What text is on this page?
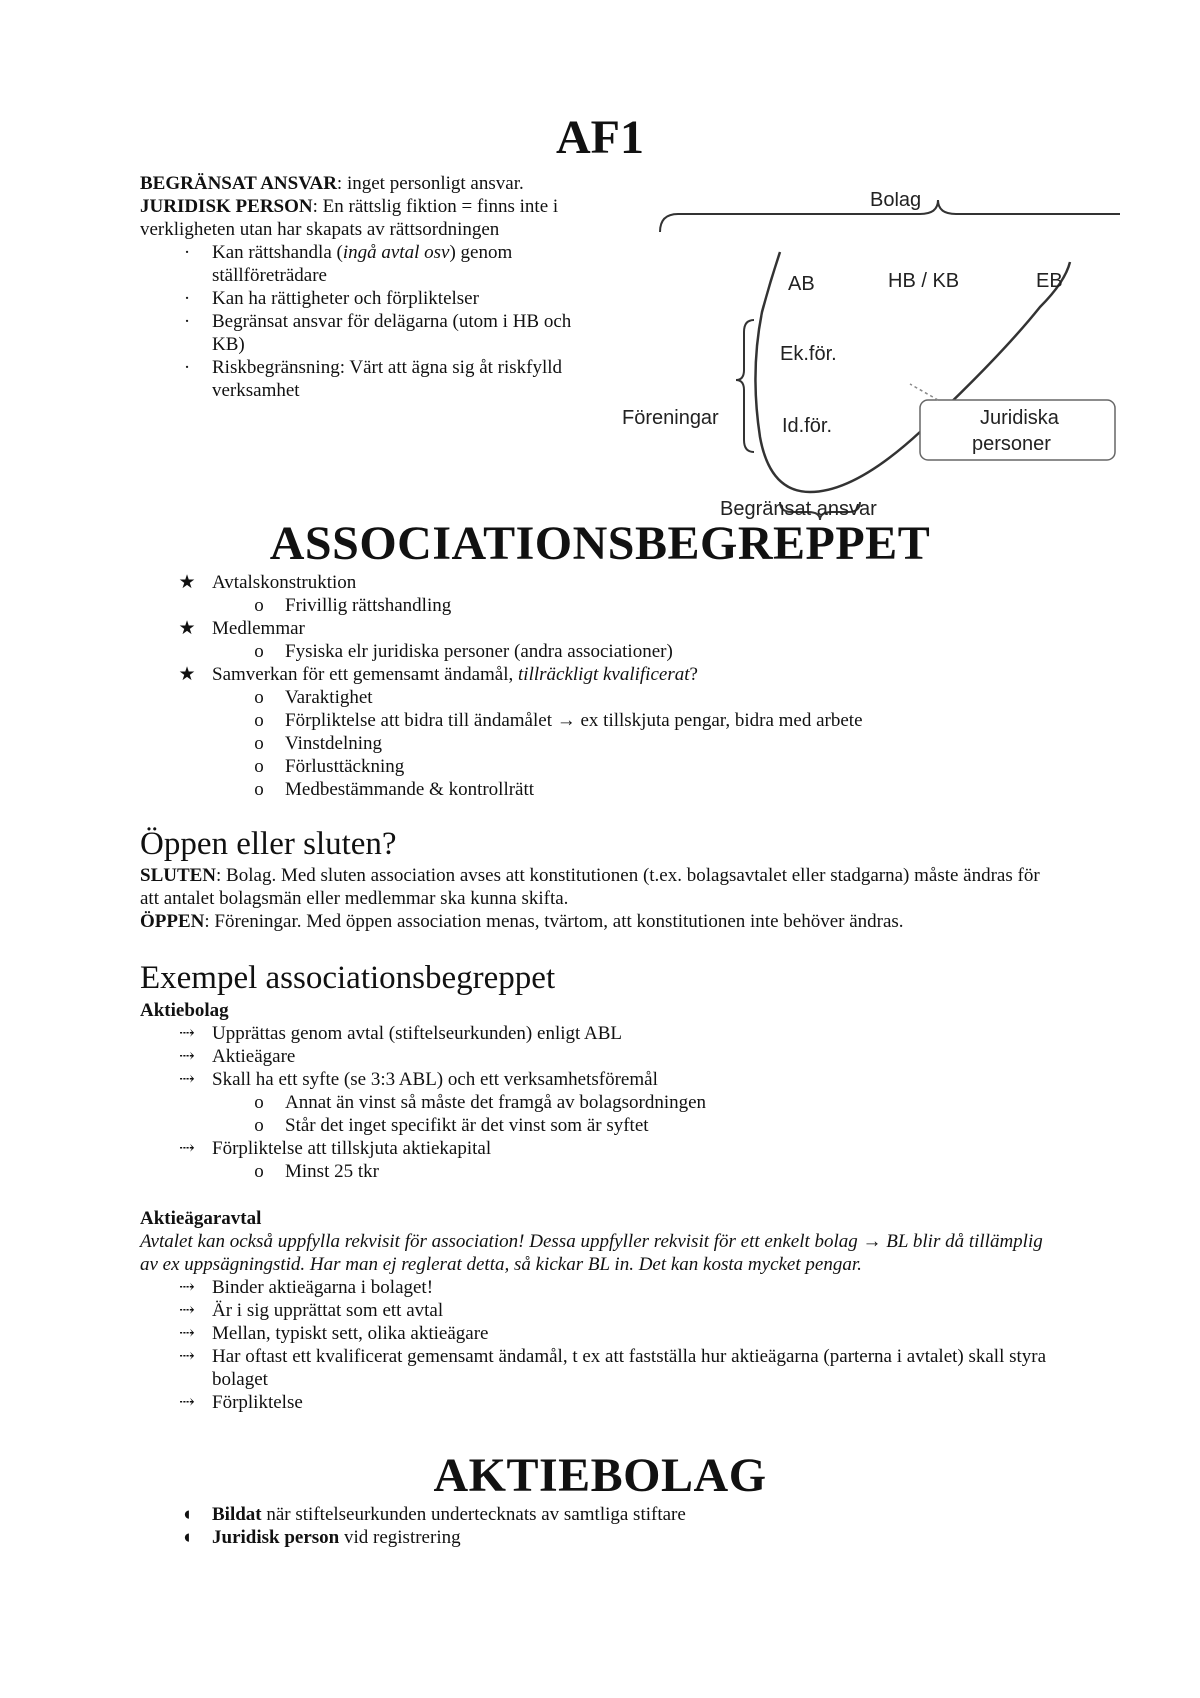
AF1

BEGRÄNSAT ANSVAR: inget personligt ansvar.

JURIDISK PERSON: En rättslig fiktion = finns inte i verkligheten utan har skapats av rättsordningen

·	Kan rättshandla (ingå avtal osv) genom ställföreträdare
·	Kan ha rättigheter och förpliktelser
·	Begränsat ansvar för delägarna (utom i HB och KB)
·	Riskbegränsning: Värt att ägna sig åt riskfylld verksamhet
Bolag
AB	HB / KB	EB
Ek.för.
Id.för.
Föreningar	Juridiska
personer
Begränsat ansvar
ASSOCIATIONSBEGREPPET
★ Avtalskonstruktion
o	Frivillig rättshandling
★ Medlemmar
o	Fysiska elr juridiska personer (andra associationer)
★ Samverkan för ett gemensamt ändamål, tillräckligt kvalificerat?
o	Varaktighet
o	Förpliktelse att bidra till ändamålet → ex tillskjuta pengar, bidra med arbete
o	Vinstdelning
o	Förlusttäckning
o	Medbestämmande & kontrollrätt
Öppen eller sluten?

SLUTEN: Bolag. Med sluten association avses att konstitutionen (t.ex. bolagsavtalet eller stadgarna) måste ändras för att antalet bolagsmän eller medlemmar ska kunna skifta.

ÖPPEN: Föreningar. Med öppen association menas, tvärtom, att konstitutionen inte behöver ändras.

Exempel associationsbegreppet

Aktiebolag

⇢ Upprättas genom avtal (stiftelseurkunden) enligt ABL
⇢ Aktieägare
⇢ Skall ha ett syfte (se 3:3 ABL) och ett verksamhetsföremål
o	Annat än vinst så måste det framgå av bolagsordningen
o	Står det inget specifikt är det vinst som är syftet
⇢ Förpliktelse att tillskjuta aktiekapital
o	Minst 25 tkr

Aktieägaravtal

Avtalet kan också uppfylla rekvisit för association! Dessa uppfyller rekvisit för ett enkelt bolag → BL blir då tillämplig av ex uppsägningstid. Har man ej reglerat detta, så kickar BL in. Det kan kosta mycket pengar.

⇢ Binder aktieägarna i bolaget!
⇢ Är i sig upprättat som ett avtal
⇢ Mellan, typiskt sett, olika aktieägare
⇢ Har oftast ett kvalificerat gemensamt ändamål, t ex att fastställa hur aktieägarna (parterna i avtalet) skall styra bolaget
⇢ Förpliktelse
AKTIEBOLAG
◖ Bildat när stiftelseurkunden undertecknats av samtliga stiftare
◖ Juridisk person vid registrering
